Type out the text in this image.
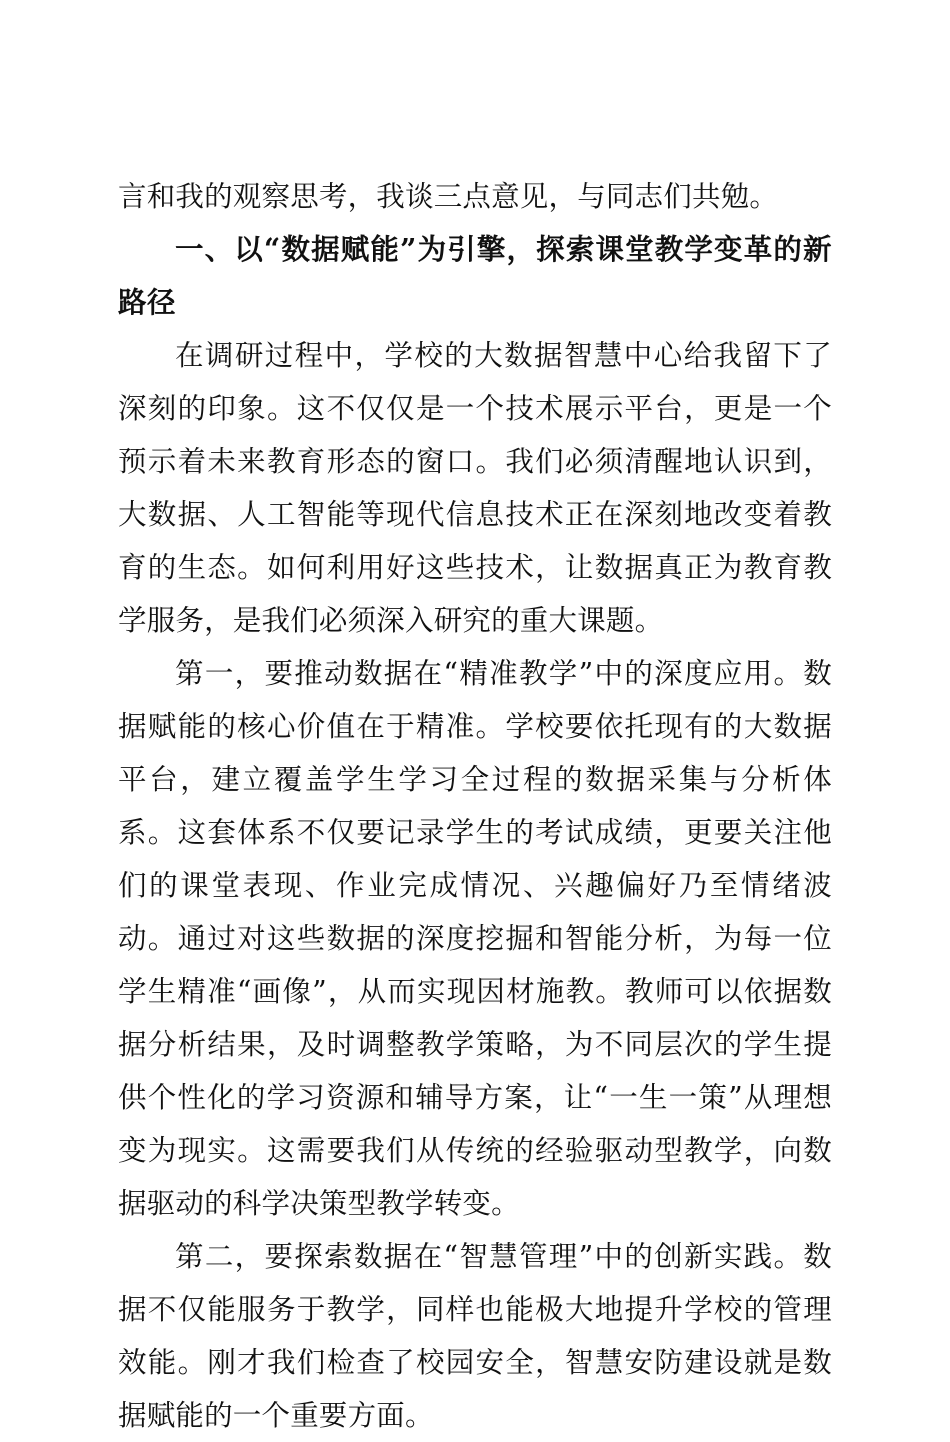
言和我的观察思考，我谈三点意见，与同志们共勉。

一、以“数据赋能”为引擎，探索课堂教学变革的新路径

在调研过程中，学校的大数据智慧中心给我留下了深刻的印象。这不仅仅是一个技术展示平台，更是一个预示着未来教育形态的窗口。我们必须清醒地认识到，大数据、人工智能等现代信息技术正在深刻地改变着教育的生态。如何利用好这些技术，让数据真正为教育教学服务，是我们必须深入研究的重大课题。

第一，要推动数据在“精准教学”中的深度应用。数据赋能的核心价值在于精准。学校要依托现有的大数据平台，建立覆盖学生学习全过程的数据采集与分析体系。这套体系不仅要记录学生的考试成绩，更要关注他们的课堂表现、作业完成情况、兴趣偏好乃至情绪波动。通过对这些数据的深度挖掘和智能分析，为每一位学生精准“画像”，从而实现因材施教。教师可以依据数据分析结果，及时调整教学策略，为不同层次的学生提供个性化的学习资源和辅导方案，让“一生一策”从理想变为现实。这需要我们从传统的经验驱动型教学，向数据驱动的科学决策型教学转变。

第二，要探索数据在“智慧管理”中的创新实践。数据不仅能服务于教学，同样也能极大地提升学校的管理效能。刚才我们检查了校园安全，智慧安防建设就是数据赋能的一个重要方面。
